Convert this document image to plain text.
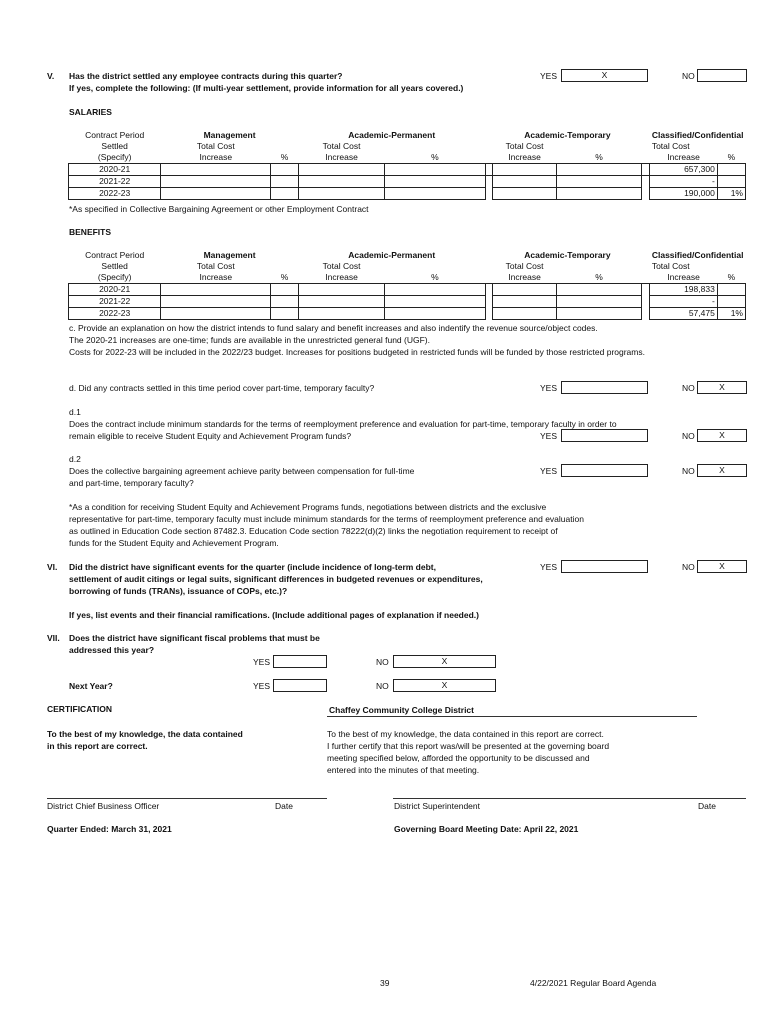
V. Has the district settled any employee contracts during this quarter?
If yes, complete the following: (If multi-year settlement, provide information for all years covered.)
YES	X	NO
SALARIES
Contract Period	Management		Academic-Permanent			Academic-Temporary			Classified/Confidential	
Settled	Total Cost		Total Cost			Total Cost			Total Cost	
(Specify)	Increase	%	Increase	%		Increase	%		Increase	%
2020-21									657,300	
2021-22									-	
2022-23									190,000	1%
*As specified in Collective Bargaining Agreement or other Employment Contract
BENEFITS
Contract Period	Management		Academic-Permanent			Academic-Temporary			Classified/Confidential	
Settled	Total Cost		Total Cost			Total Cost			Total Cost	
(Specify)	Increase	%	Increase	%		Increase	%		Increase	%
2020-21									198,833	
2021-22									-	
2022-23									57,475	1%
c. Provide an explanation on how the district intends to fund salary and benefit increases and also indentify the revenue source/object codes.
The 2020-21 increases are one-time; funds are available in the unrestricted general fund (UGF).
Costs for 2022-23 will be included in the 2022/23 budget. Increases for positions budgeted in restricted funds will be funded by those restricted programs.
d. Did any contracts settled in this time period cover part-time, temporary faculty?	YES	NO	X
d.1
Does the contract include minimum standards for the terms of reemployment preference and evaluation for part-time, temporary faculty in order to
remain eligible to receive Student Equity and Achievement Program funds?	YES	NO	X
d.2
Does the collective bargaining agreement achieve parity between compensation for full-time
and part-time, temporary faculty?
YES	NO	X
*As a condition for receiving Student Equity and Achievement Programs funds, negotiations between districts and the exclusive
representative for part-time, temporary faculty must include minimum standards for the terms of reemployment preference and evaluation
as outlined in Education Code section 87482.3. Education Code section 78222(d)(2) links the negotiation requirement to receipt of
funds for the Student Equity and Achievement Program.
VI. Did the district have significant events for the quarter (include incidence of long-term debt,
settlement of audit citings or legal suits, significant differences in budgeted revenues or expenditures,
borrowing of funds (TRANs), issuance of COPs, etc.)?
YES	NO	X
If yes, list events and their financial ramifications. (Include additional pages of explanation if needed.)
VII. Does the district have significant fiscal problems that must be
addressed this year?
YES	NO	X
Next Year?	YES	NO	X
CERTIFICATION	Chaffey Community College District
To the best of my knowledge, the data contained
in this report are correct.
To the best of my knowledge, the data contained in this report are correct.
I further certify that this report was/will be presented at the governing board
meeting specified below, afforded the opportunity to be discussed and
entered into the minutes of that meeting.
District Chief Business Officer	Date	District Superintendent	Date
Quarter Ended: March 31, 2021	Governing Board Meeting Date: April 22, 2021
39	4/22/2021 Regular Board Agenda
